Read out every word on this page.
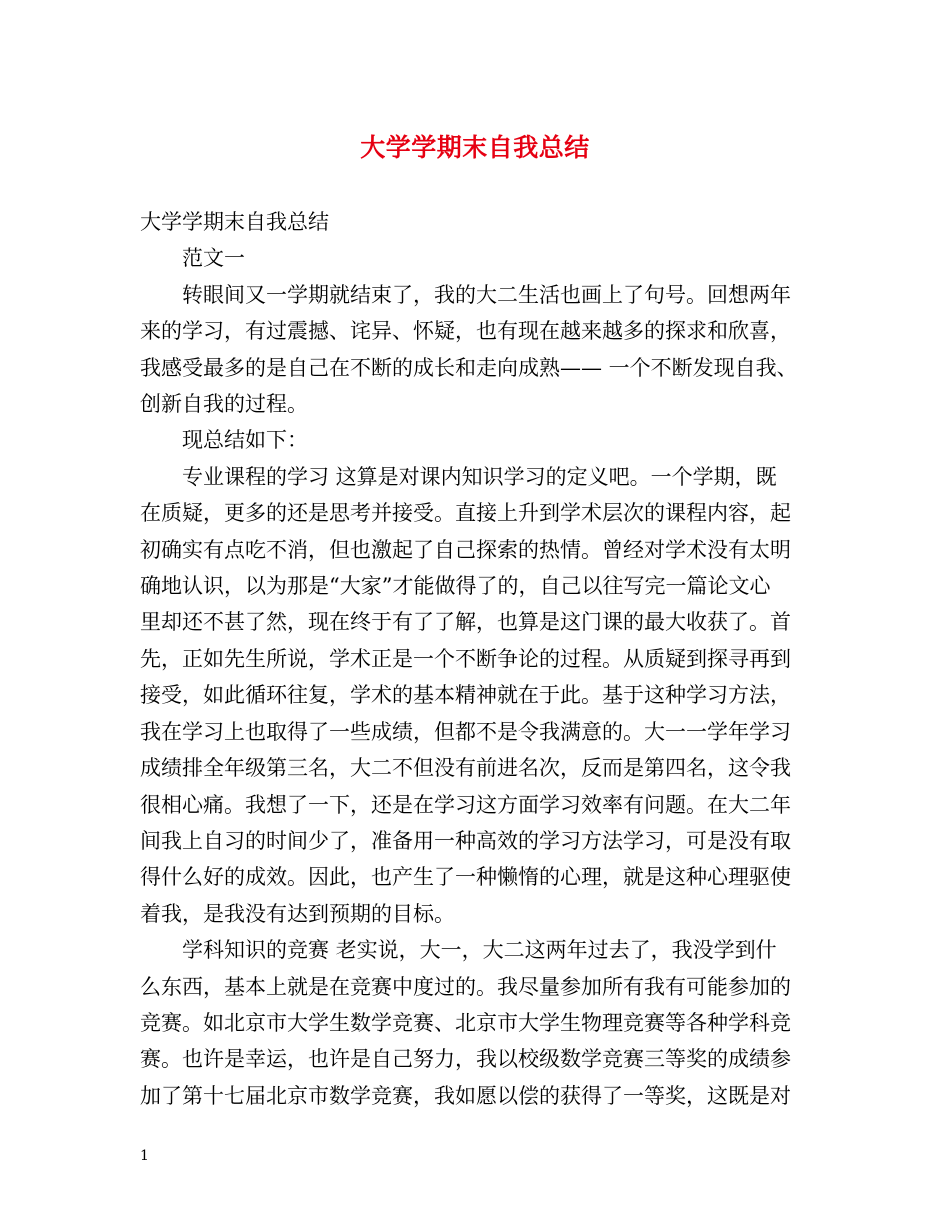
大学学期末自我总结

大学学期末自我总结

范文一

转眼间又一学期就结束了，我的大二生活也画上了句号。回想两年

来的学习，有过震撼、诧异、怀疑，也有现在越来越多的探求和欣喜，

我感受最多的是自己在不断的成长和走向成熟—— 一个不断发现自我、

创新自我的过程。

现总结如下：

专业课程的学习 这算是对课内知识学习的定义吧。一个学期，既

在质疑，更多的还是思考并接受。直接上升到学术层次的课程内容，起

初确实有点吃不消，但也激起了自己探索的热情。曾经对学术没有太明

确地认识，以为那是“大家”才能做得了的，自己以往写完一篇论文心

里却还不甚了然，现在终于有了了解，也算是这门课的最大收获了。首

先，正如先生所说，学术正是一个不断争论的过程。从质疑到探寻再到

接受，如此循环往复，学术的基本精神就在于此。基于这种学习方法，

我在学习上也取得了一些成绩，但都不是令我满意的。大一一学年学习

成绩排全年级第三名，大二不但没有前进名次，反而是第四名，这令我

很相心痛。我想了一下，还是在学习这方面学习效率有问题。在大二年

间我上自习的时间少了，准备用一种高效的学习方法学习，可是没有取

得什么好的成效。因此，也产生了一种懒惰的心理，就是这种心理驱使

着我，是我没有达到预期的目标。

学科知识的竞赛 老实说，大一，大二这两年过去了，我没学到什

么东西，基本上就是在竞赛中度过的。我尽量参加所有我有可能参加的

竞赛。如北京市大学生数学竞赛、北京市大学生物理竞赛等各种学科竞

赛。也许是幸运，也许是自己努力，我以校级数学竞赛三等奖的成绩参

加了第十七届北京市数学竞赛，我如愿以偿的获得了一等奖，这既是对

1
